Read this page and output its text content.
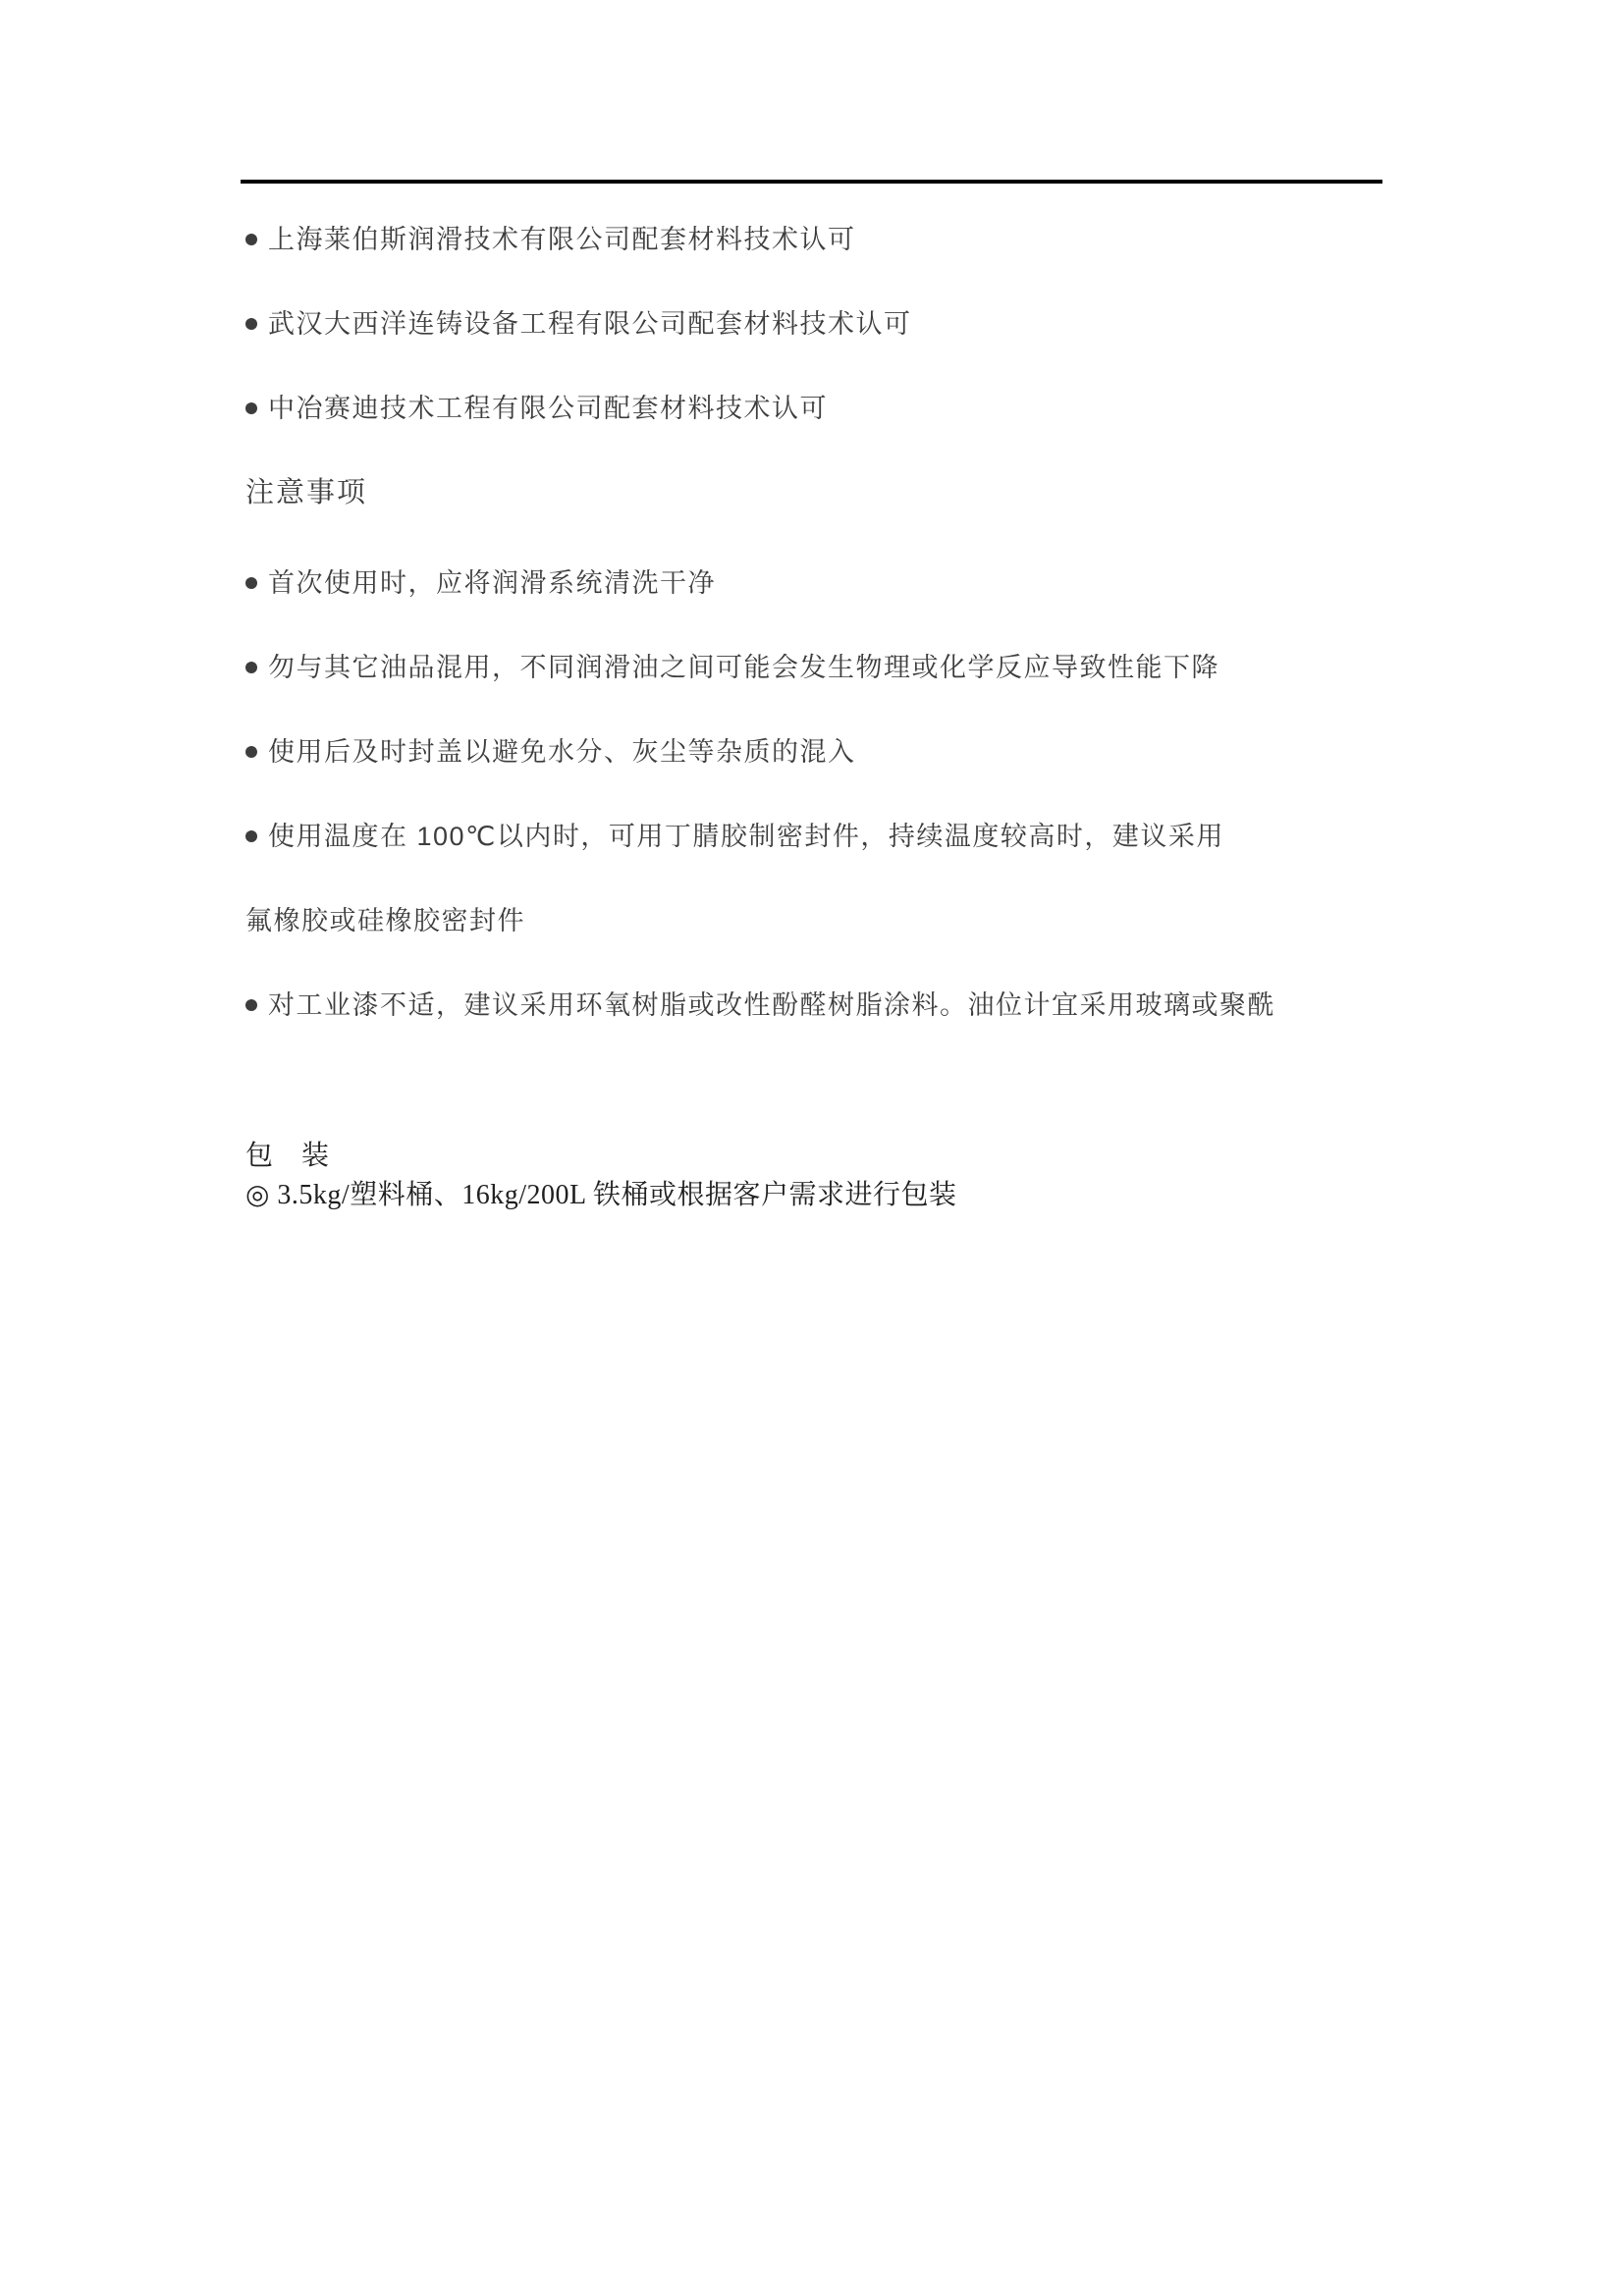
上海莱伯斯润滑技术有限公司配套材料技术认可
武汉大西洋连铸设备工程有限公司配套材料技术认可
中冶赛迪技术工程有限公司配套材料技术认可
注意事项
首次使用时，应将润滑系统清洗干净
勿与其它油品混用，不同润滑油之间可能会发生物理或化学反应导致性能下降
使用后及时封盖以避免水分、灰尘等杂质的混入
使用温度在 100℃以内时，可用丁腈胶制密封件，持续温度较高时，建议采用
氟橡胶或硅橡胶密封件
对工业漆不适，建议采用环氧树脂或改性酚醛树脂涂料。油位计宜采用玻璃或聚酰
包　装
◎ 3.5kg/塑料桶、16kg/200L 铁桶或根据客户需求进行包装
